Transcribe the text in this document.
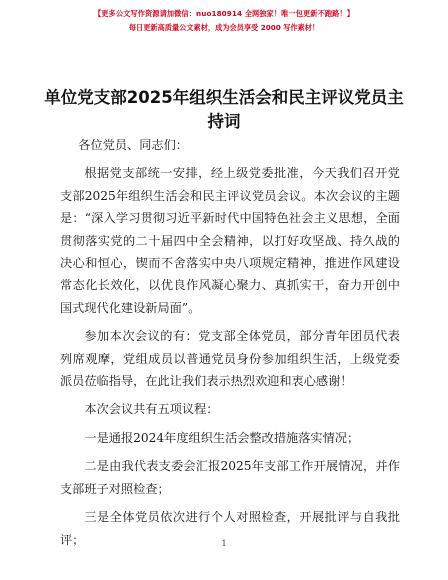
【更多公文写作资源请加微信：nuo180914 全网独家！唯一包更新不跑路！】
每日更新高质量公文素材，成为会员享受 2000 写作素材！
单位党支部2025年组织生活会和民主评议党员主持词

各位党员、同志们：

根据党支部统一安排，经上级党委批准，今天我们召开党支部2025年组织生活会和民主评议党员会议。本次会议的主题是：“深入学习贯彻习近平新时代中国特色社会主义思想，全面贯彻落实党的二十届四中全会精神，以打好攻坚战、持久战的决心和恒心，锲而不舍落实中央八项规定精神，推进作风建设常态化长效化，以优良作风凝心聚力、真抓实干，奋力开创中国式现代化建设新局面”。

参加本次会议的有：党支部全体党员，部分青年团员代表列席观摩，党组成员以普通党员身份参加组织生活，上级党委派员莅临指导，在此让我们表示热烈欢迎和衷心感谢！

本次会议共有五项议程：

一是通报2024年度组织生活会整改措施落实情况；

二是由我代表支委会汇报2025年支部工作开展情况，并作支部班子对照检查；

三是全体党员依次进行个人对照检查，开展批评与自我批评；	1
